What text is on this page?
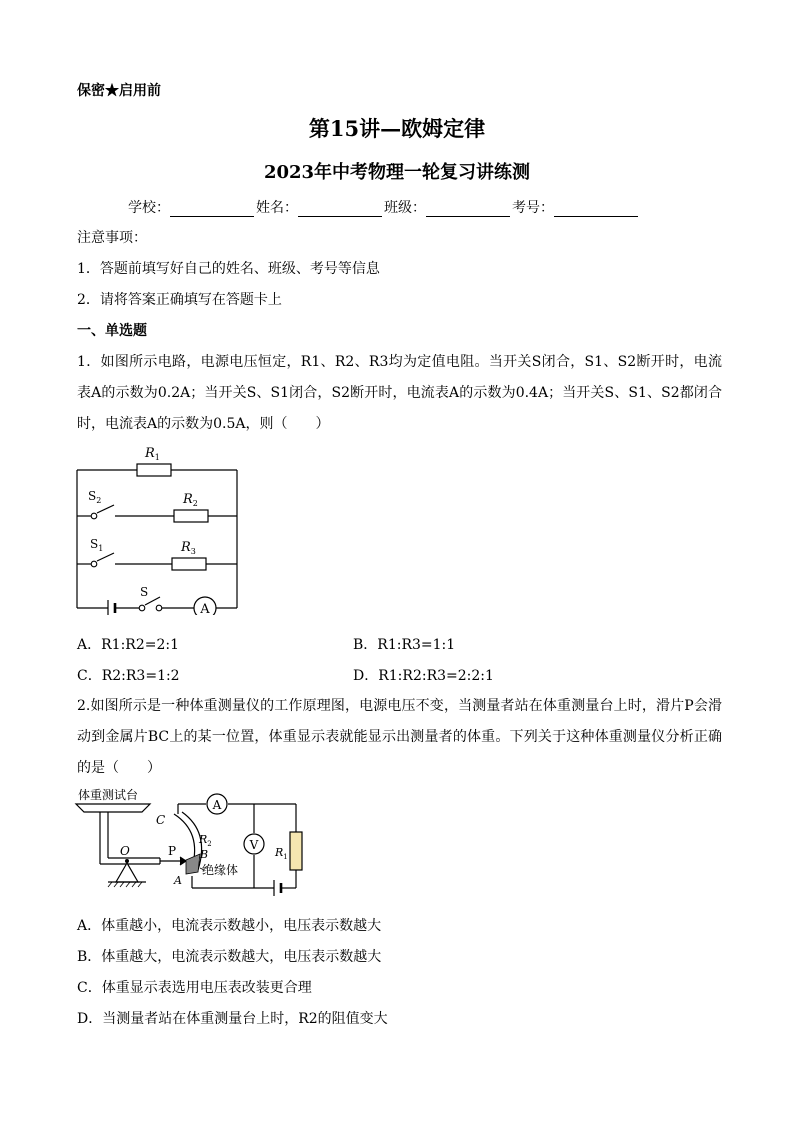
保密★启用前
第15讲—欧姆定律
2023年中考物理一轮复习讲练测
学校：	姓名：	班级：	考号：
注意事项：
1．答题前填写好自己的姓名、班级、考号等信息
2．请将答案正确填写在答题卡上
一、单选题
1．如图所示电路，电源电压恒定，R1、R2、R3均为定值电阻。当开关S闭合，S1、S2断开时，电流表A的示数为0.2A；当开关S、S1闭合，S2断开时，电流表A的示数为0.4A；当开关S、S1、S2都闭合时，电流表A的示数为0.5A，则（　　）
A
$R_1$
$R_2$
$R_3$
$S_2$
$S_1$
S
A．R1:R2=2:1	B．R1:R3=1:1
C．R2:R3=1:2	D．R1:R2:R3=2:2:1
2.如图所示是一种体重测量仪的工作原理图，电源电压不变，当测量者站在体重测量台上时，滑片P会滑动到金属片BC上的某一位置，体重显示表就能显示出测量者的体重。下列关于这种体重测量仪分析正确的是（　　）
体重测试台
O	P
C
$R_2$
B
A
绝缘体
A
V
$R_1$
A．体重越小，电流表示数越小，电压表示数越大
B．体重越大，电流表示数越大，电压表示数越大
C．体重显示表选用电压表改装更合理
D．当测量者站在体重测量台上时，R2的阻值变大
